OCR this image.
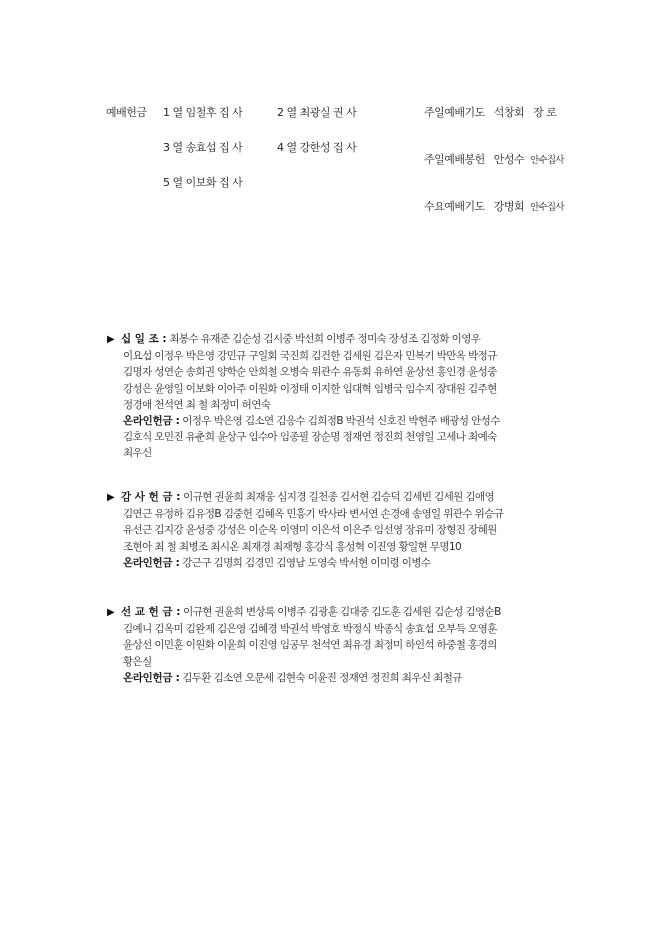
예배헌금 1 열 임철후 집 사	2 열 최광실 권 사
3 열 송효섭 집 사	4 열 강한성 집 사
5 열 이보화 집 사
주일예배기도 석창회 장 로
주일예배봉헌 안성수 안수집사
수요예배기도 강병회 안수집사
▶ 십 일 조 : 최봉수 유재준 김순성 김시중 박선희 이병주 정미숙 장성조 김정화 이영우
이요섭 이정우 박은영 강민규 구일회 국진희 김건한 김세원 김은자 민복기 박만옥 박정규
김명자 성연순 송희권 양학순 안희철 오병숙 위관수 유동회 유하연 윤상선 홍인경 윤성중
강성은 윤영일 이보화 이아주 이원화 이정태 이지한 임대혁 임병국 임수지 장대원 김주현
정경애 천석연 최 철 최정미 허연숙
온라인헌금 : 이정우 박은영 김소연 김응수 김희정B 박권석 신호진 박현주 배광성 안성수
김호식 오민진 유춘희 윤상구 임수아 임종필 장순명 정재연 정진희 천영일 고세나 최예숙
최우신
▶ 감 사 헌 금 : 이규현 권윤희 최재웅 심지경 길천종 김서현 김승덕 김세빈 김세원 김애영
김연근 유정하 김유정B 김중헌 김혜옥 민흥기 박사라 변서연 손경애 송영일 위관수 위승규
유선근 김지강 윤성중 강성은 이순옥 이영미 이은석 이은주 임선영 장유미 장형진 장혜원
조현아 최 철 최병조 최시온 최재경 최재형 홍강식 홍성혁 이진영 황일현 무명10
온라인헌금 : 강근구 김명희 김경민 김영남 도영숙 박서현 이미령 이병수
▶ 선 교 헌 금 : 이규현 권윤희 변상록 이병주 김광훈 김대중 김도훈 김세원 김순성 김영순B
김예니 김옥미 김완제 김은영 김혜경 박권석 박영호 박정식 박종식 송효섭 오부득 오영훈
윤상선 이민훈 이원화 이윤희 이진영 임공무 천석연 최유경 최정미 하인석 하중철 홍경의
황은실
온라인헌금 : 김두환 김소연 오문세 김현숙 이윤진 정재연 정진희 최우신 최철규
